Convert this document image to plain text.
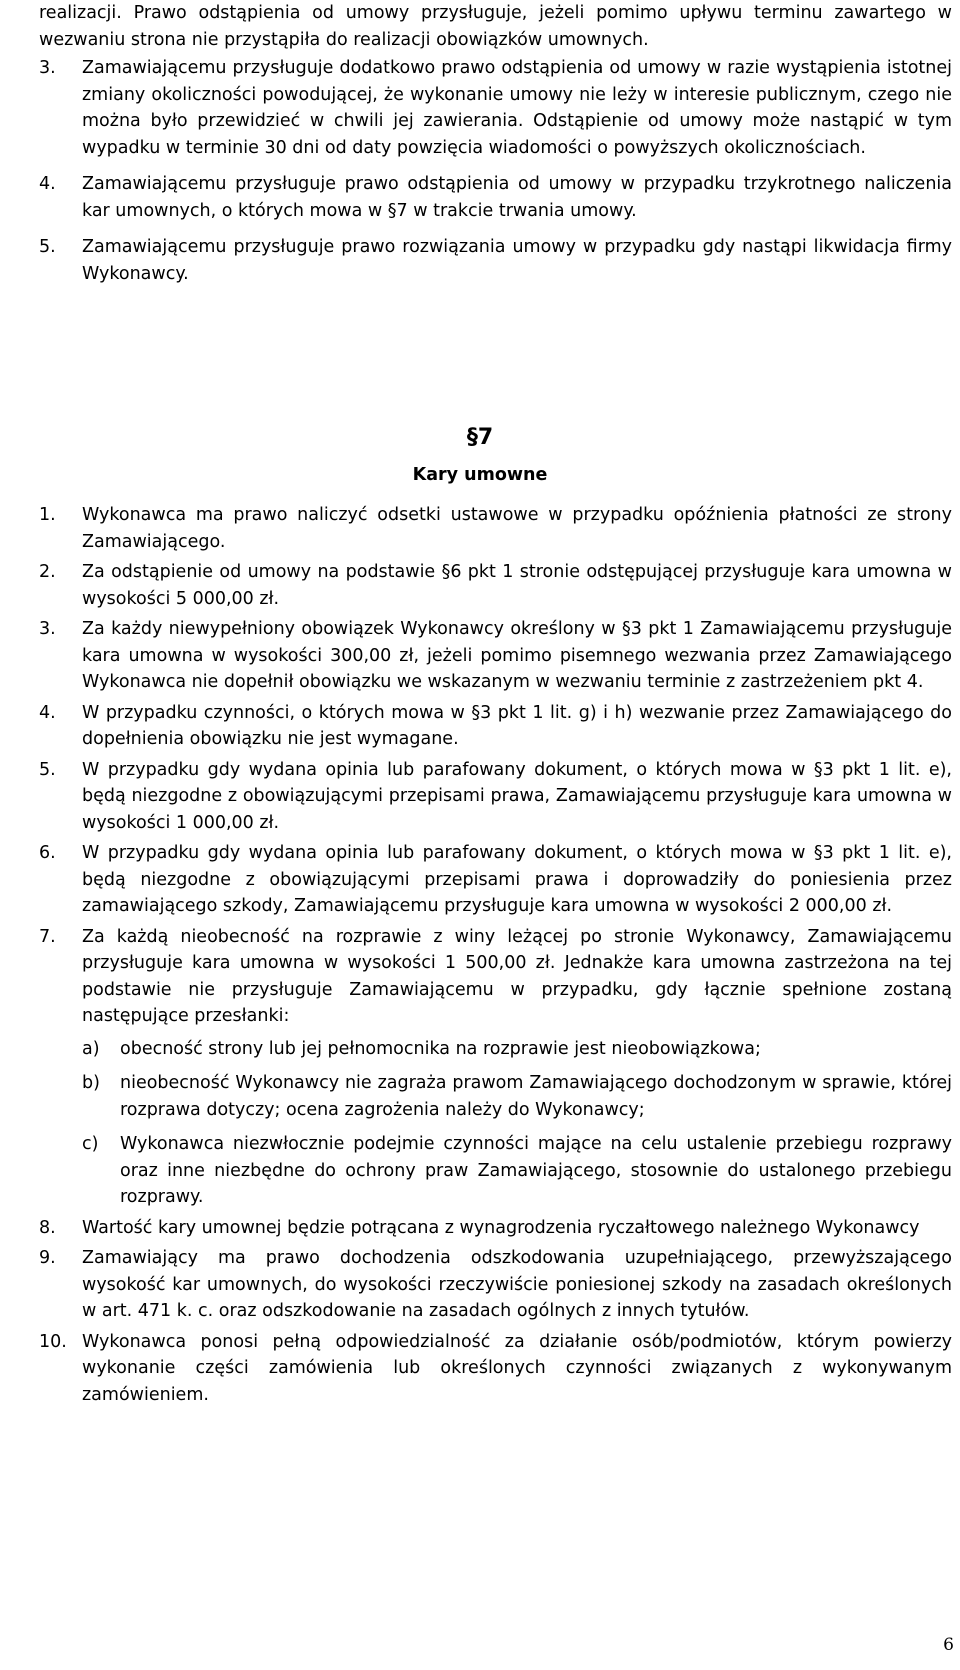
realizacji. Prawo odstąpienia od umowy przysługuje, jeżeli pomimo upływu terminu zawartego w wezwaniu strona nie przystąpiła do realizacji obowiązków umownych.

3.	Zamawiającemu przysługuje dodatkowo prawo odstąpienia od umowy w razie wystąpienia istotnej zmiany okoliczności powodującej, że wykonanie umowy nie leży w interesie publicznym, czego nie można było przewidzieć w chwili jej zawierania. Odstąpienie od umowy może nastąpić w tym wypadku w terminie 30 dni od daty powzięcia wiadomości o powyższych okolicznościach.
4.	Zamawiającemu przysługuje prawo odstąpienia od umowy w przypadku trzykrotnego naliczenia kar umownych, o których mowa w §7 w trakcie trwania umowy.
5.	Zamawiającemu przysługuje prawo rozwiązania umowy w przypadku gdy nastąpi likwidacja firmy Wykonawcy.
§7
Kary umowne
1.	Wykonawca ma prawo naliczyć odsetki ustawowe w przypadku opóźnienia płatności ze strony Zamawiającego.
2.	Za odstąpienie od umowy na podstawie §6 pkt 1 stronie odstępującej przysługuje kara umowna w wysokości 5 000,00 zł.
3.	Za każdy niewypełniony obowiązek Wykonawcy określony w §3 pkt 1 Zamawiającemu przysługuje kara umowna w wysokości 300,00 zł, jeżeli pomimo pisemnego wezwania przez Zamawiającego Wykonawca nie dopełnił obowiązku we wskazanym w wezwaniu terminie z zastrzeżeniem pkt 4.
4.	W przypadku czynności, o których mowa w §3 pkt 1 lit. g) i h) wezwanie przez Zamawiającego do dopełnienia obowiązku nie jest wymagane.
5.	W przypadku gdy wydana opinia lub parafowany dokument, o których mowa w §3 pkt 1 lit. e), będą niezgodne z obowiązującymi przepisami prawa, Zamawiającemu przysługuje kara umowna w wysokości 1 000,00 zł.
6.	W przypadku gdy wydana opinia lub parafowany dokument, o których mowa w §3 pkt 1 lit. e), będą niezgodne z obowiązującymi przepisami prawa i doprowadziły do poniesienia przez zamawiającego szkody, Zamawiającemu przysługuje kara umowna w wysokości 2 000,00 zł.
7.	Za każdą nieobecność na rozprawie z winy leżącej po stronie Wykonawcy, Zamawiającemu przysługuje kara umowna w wysokości 1 500,00 zł. Jednakże kara umowna zastrzeżona na tej podstawie nie przysługuje Zamawiającemu w przypadku, gdy łącznie spełnione zostaną następujące przesłanki:
a)	obecność strony lub jej pełnomocnika na rozprawie jest nieobowiązkowa;
b)	nieobecność Wykonawcy nie zagraża prawom Zamawiającego dochodzonym w sprawie, której rozprawa dotyczy; ocena zagrożenia należy do Wykonawcy;
c)	Wykonawca niezwłocznie podejmie czynności mające na celu ustalenie przebiegu rozprawy oraz inne niezbędne do ochrony praw Zamawiającego, stosownie do ustalonego przebiegu rozprawy.
8.	Wartość kary umownej będzie potrącana z wynagrodzenia ryczałtowego należnego Wykonawcy
9.	Zamawiający ma prawo dochodzenia odszkodowania uzupełniającego, przewyższającego wysokość kar umownych, do wysokości rzeczywiście poniesionej szkody na zasadach określonych w art. 471 k. c. oraz odszkodowanie na zasadach ogólnych z innych tytułów.
10. Wykonawca ponosi pełną odpowiedzialność za działanie osób/podmiotów, którym powierzy wykonanie części zamówienia lub określonych czynności związanych z wykonywanym zamówieniem.
6
